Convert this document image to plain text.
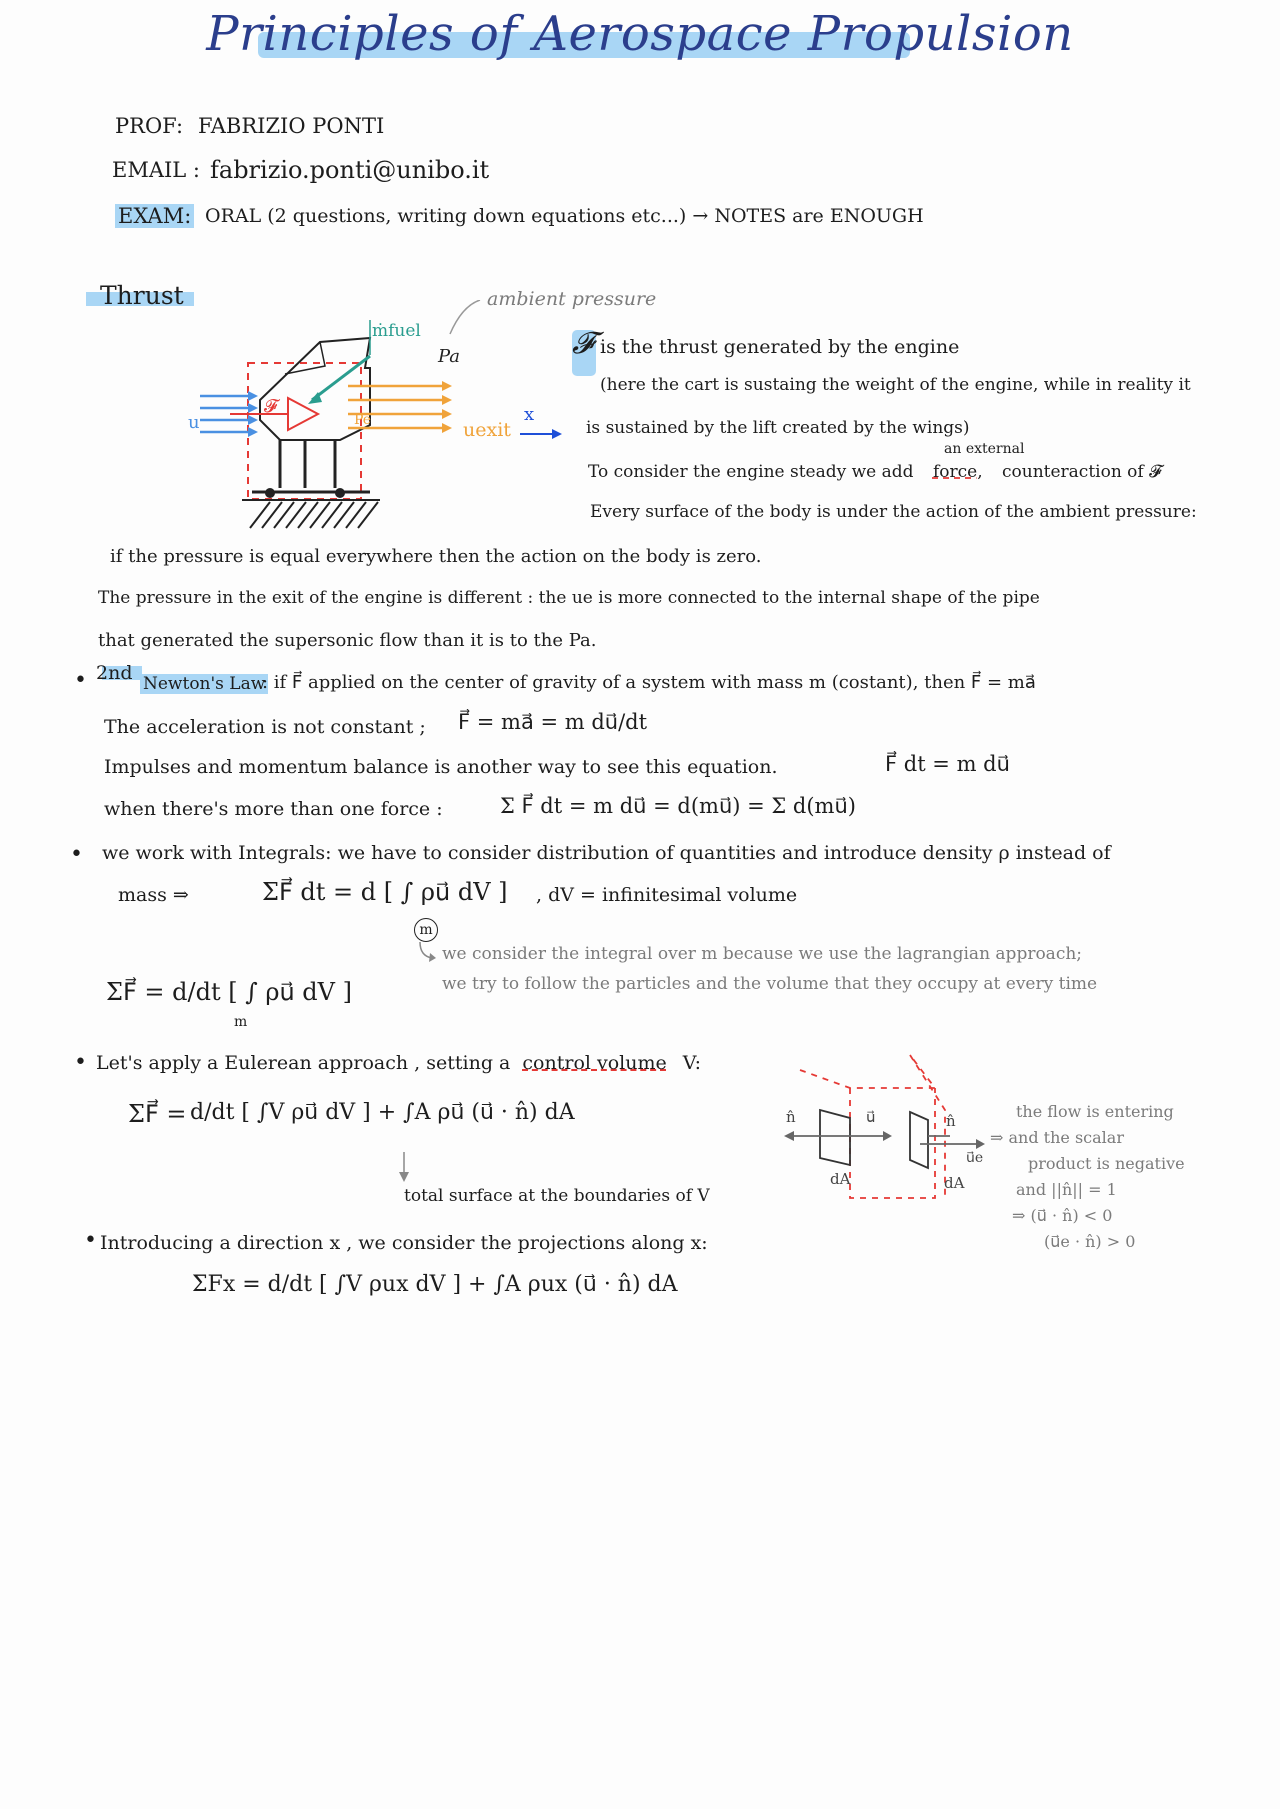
Principles of Aerospace Propulsion
PROF: FABRIZIO PONTI
EMAIL : fabrizio.ponti@unibo.it
EXAM: ORAL (2 questions, writing down equations etc...) → NOTES are ENOUGH
Thrust	ambient pressure
ṁfuel
Pa
u
𝓕
Pe	uexit
x
𝓕 is the thrust generated by the engine
(here the cart is sustaing the weight of the engine, while in reality it
is sustained by the lift created by the wings)
an external
To consider the engine steady we add force, counteraction of 𝓕
Every surface of the body is under the action of the ambient pressure:
if the pressure is equal everywhere then the action on the body is zero.
The pressure in the exit of the engine is different : the ue is more connected to the internal shape of the pipe
that generated the supersonic flow than it is to the Pa.
• 2nd Newton's Law
: if F⃗ applied on the center of gravity of a system with mass m (costant), then F⃗ = ma⃗
The acceleration is not constant ; F⃗ = ma⃗ = m du⃗/dt
Impulses and momentum balance is another way to see this equation.	F⃗ dt = m du⃗
when there's more than one force :	Σ F⃗ dt = m du⃗ = d(mu⃗) = Σ d(mu⃗)
• we work with Integrals: we have to consider distribution of quantities and introduce density ρ instead of
mass ⇒	ΣF⃗ dt = d [ ∫ ρu⃗ dV ]
m
, dV = infinitesimal volume
we consider the integral over m because we use the lagrangian approach;
we try to follow the particles and the volume that they occupy at every time
ΣF⃗ = d/dt [ ∫ ρu⃗ dV ]
m
• Let's apply a Eulerean approach , setting a control volume V:
ΣF⃗ = d/dt [ ∫V ρu⃗ dV ] + ∫A ρu⃗ (u⃗ · n̂) dA
total surface at the boundaries of V
n̂	u⃗
dA
n̂
u⃗e
dA
the flow is entering
⇒ and the scalar
product is negative
and ||n̂|| = 1
⇒ (u⃗ · n̂) < 0
(u⃗e · n̂) > 0
• Introducing a direction x , we consider the projections along x:
ΣFx = d/dt [ ∫V ρux dV ] + ∫A ρux (u⃗ · n̂) dA
